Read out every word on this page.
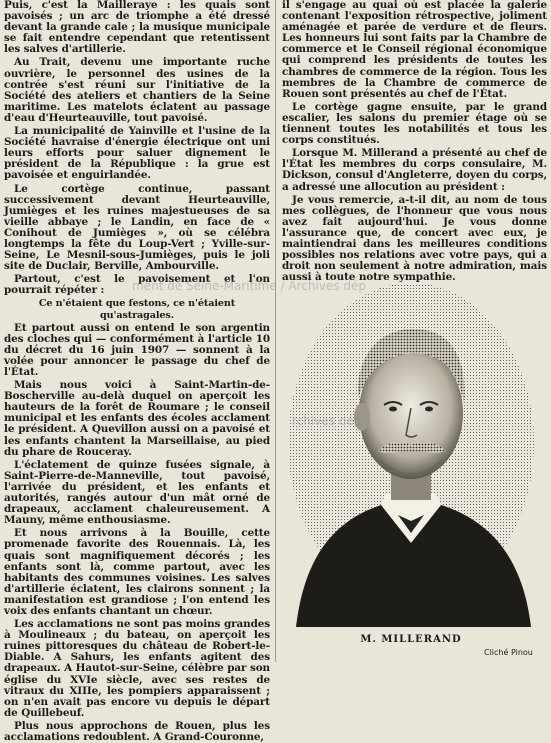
Puis, c'est la Mailleraye : les quais sont pavoisés ; un arc de triomphe a été dressé devant la grande cale ; la musique municipale se fait entendre cependant que retentissent les salves d'artillerie.

Au Trait, devenu une importante ruche ouvrière, le personnel des usines de la contrée s'est réuni sur l'initiative de la Société des ateliers et chantiers de la Seine maritime. Les matelots éclatent au passage d'eau d'Heurteauville, tout pavoisé.

La municipalité de Yainville et l'usine de la Société havraise d'énergie électrique ont uni leurs efforts pour saluer dignement le président de la République : la grue est pavoisée et enguirlandée.

Le cortège continue, passant successivement devant Heurteauville, Jumièges et les ruines majestueuses de sa vieille abbaye ; le Landin, en face de « Conihout de Jumièges », où se célébra longtemps la fête du Loup-Vert ; Yville-sur-Seine, Le Mesnil-sous-Jumièges, puis le joli site de Duclair, Berville, Ambourville.

Partout, c'est le pavoisement et l'on pourrait répéter :

Ce n'étaient que festons, ce n'étaient qu'astragales.

Et partout aussi on entend le son argentin des cloches qui — conformément à l'article 10 du décret du 16 juin 1907 — sonnent à la volée pour annoncer le passage du chef de l'État.

Mais nous voici à Saint-Martin-de-Boscherville au-delà duquel on aperçoit les hauteurs de la forêt de Roumare ; le conseil municipal et les enfants des écoles acclament le président. A Quevillon aussi on a pavoisé et les enfants chantent la Marseillaise, au pied du phare de Rouceray.

L'éclatement de quinze fusées signale, à Saint-Pierre-de-Manneville, tout pavoisé, l'arrivée du président, et les enfants et autorités, rangés autour d'un mât orné de drapeaux, acclament chaleureusement. A Mauny, même enthousiasme.

Et nous arrivons à la Bouille, cette promenade favorite des Rouennais. Là, les quais sont magnifiquement décorés ; les enfants sont là, comme partout, avec les habitants des communes voisines. Les salves d'artillerie éclatent, les clairons sonnent ; la manifestation est grandiose ; l'on entend les voix des enfants chantant un chœur.

Les acclamations ne sont pas moins grandes à Moulineaux ; du bateau, on aperçoit les ruines pittoresques du château de Robert-le-Diable. A Sahurs, les enfants agitent des drapeaux. A Hautot-sur-Seine, célèbre par son église du XVIe siècle, avec ses restes de vitraux du XIIIe, les pompiers apparaissent ; on n'en avait pas encore vu depuis le départ de Quillebeuf.

Plus nous approchons de Rouen, plus les acclamations redoublent. A Grand-Couronne,

il s'engage au quai où est placée la galerie contenant l'exposition rétrospective, joliment aménagée et parée de verdure et de fleurs. Les honneurs lui sont faits par la Chambre de commerce et le Conseil régional économique qui comprend les présidents de toutes les chambres de commerce de la région. Tous les membres de la Chambre de commerce de Rouen sont présentés au chef de l'État.

Le cortège gagne ensuite, par le grand escalier, les salons du premier étage où se tiennent toutes les notabilités et tous les corps constitués.

Lorsque M. Millerand a présenté au chef de l'État les membres du corps consulaire, M. Dickson, consul d'Angleterre, doyen du corps, a adressé une allocution au président :

Je vous remercie, a-t-il dit, au nom de tous mes collègues, de l'honneur que vous nous avez fait aujourd'hui. Je vous donne l'assurance que, de concert avec eux, je maintiendrai dans les meilleures conditions possibles nos relations avec votre pays, qui a droit non seulement à notre admiration, mais aussi à toute notre sympathie.

M. MILLERAND
Cliché Pinou
ment de Seine-Maritime / Archives dép
rchives dép
